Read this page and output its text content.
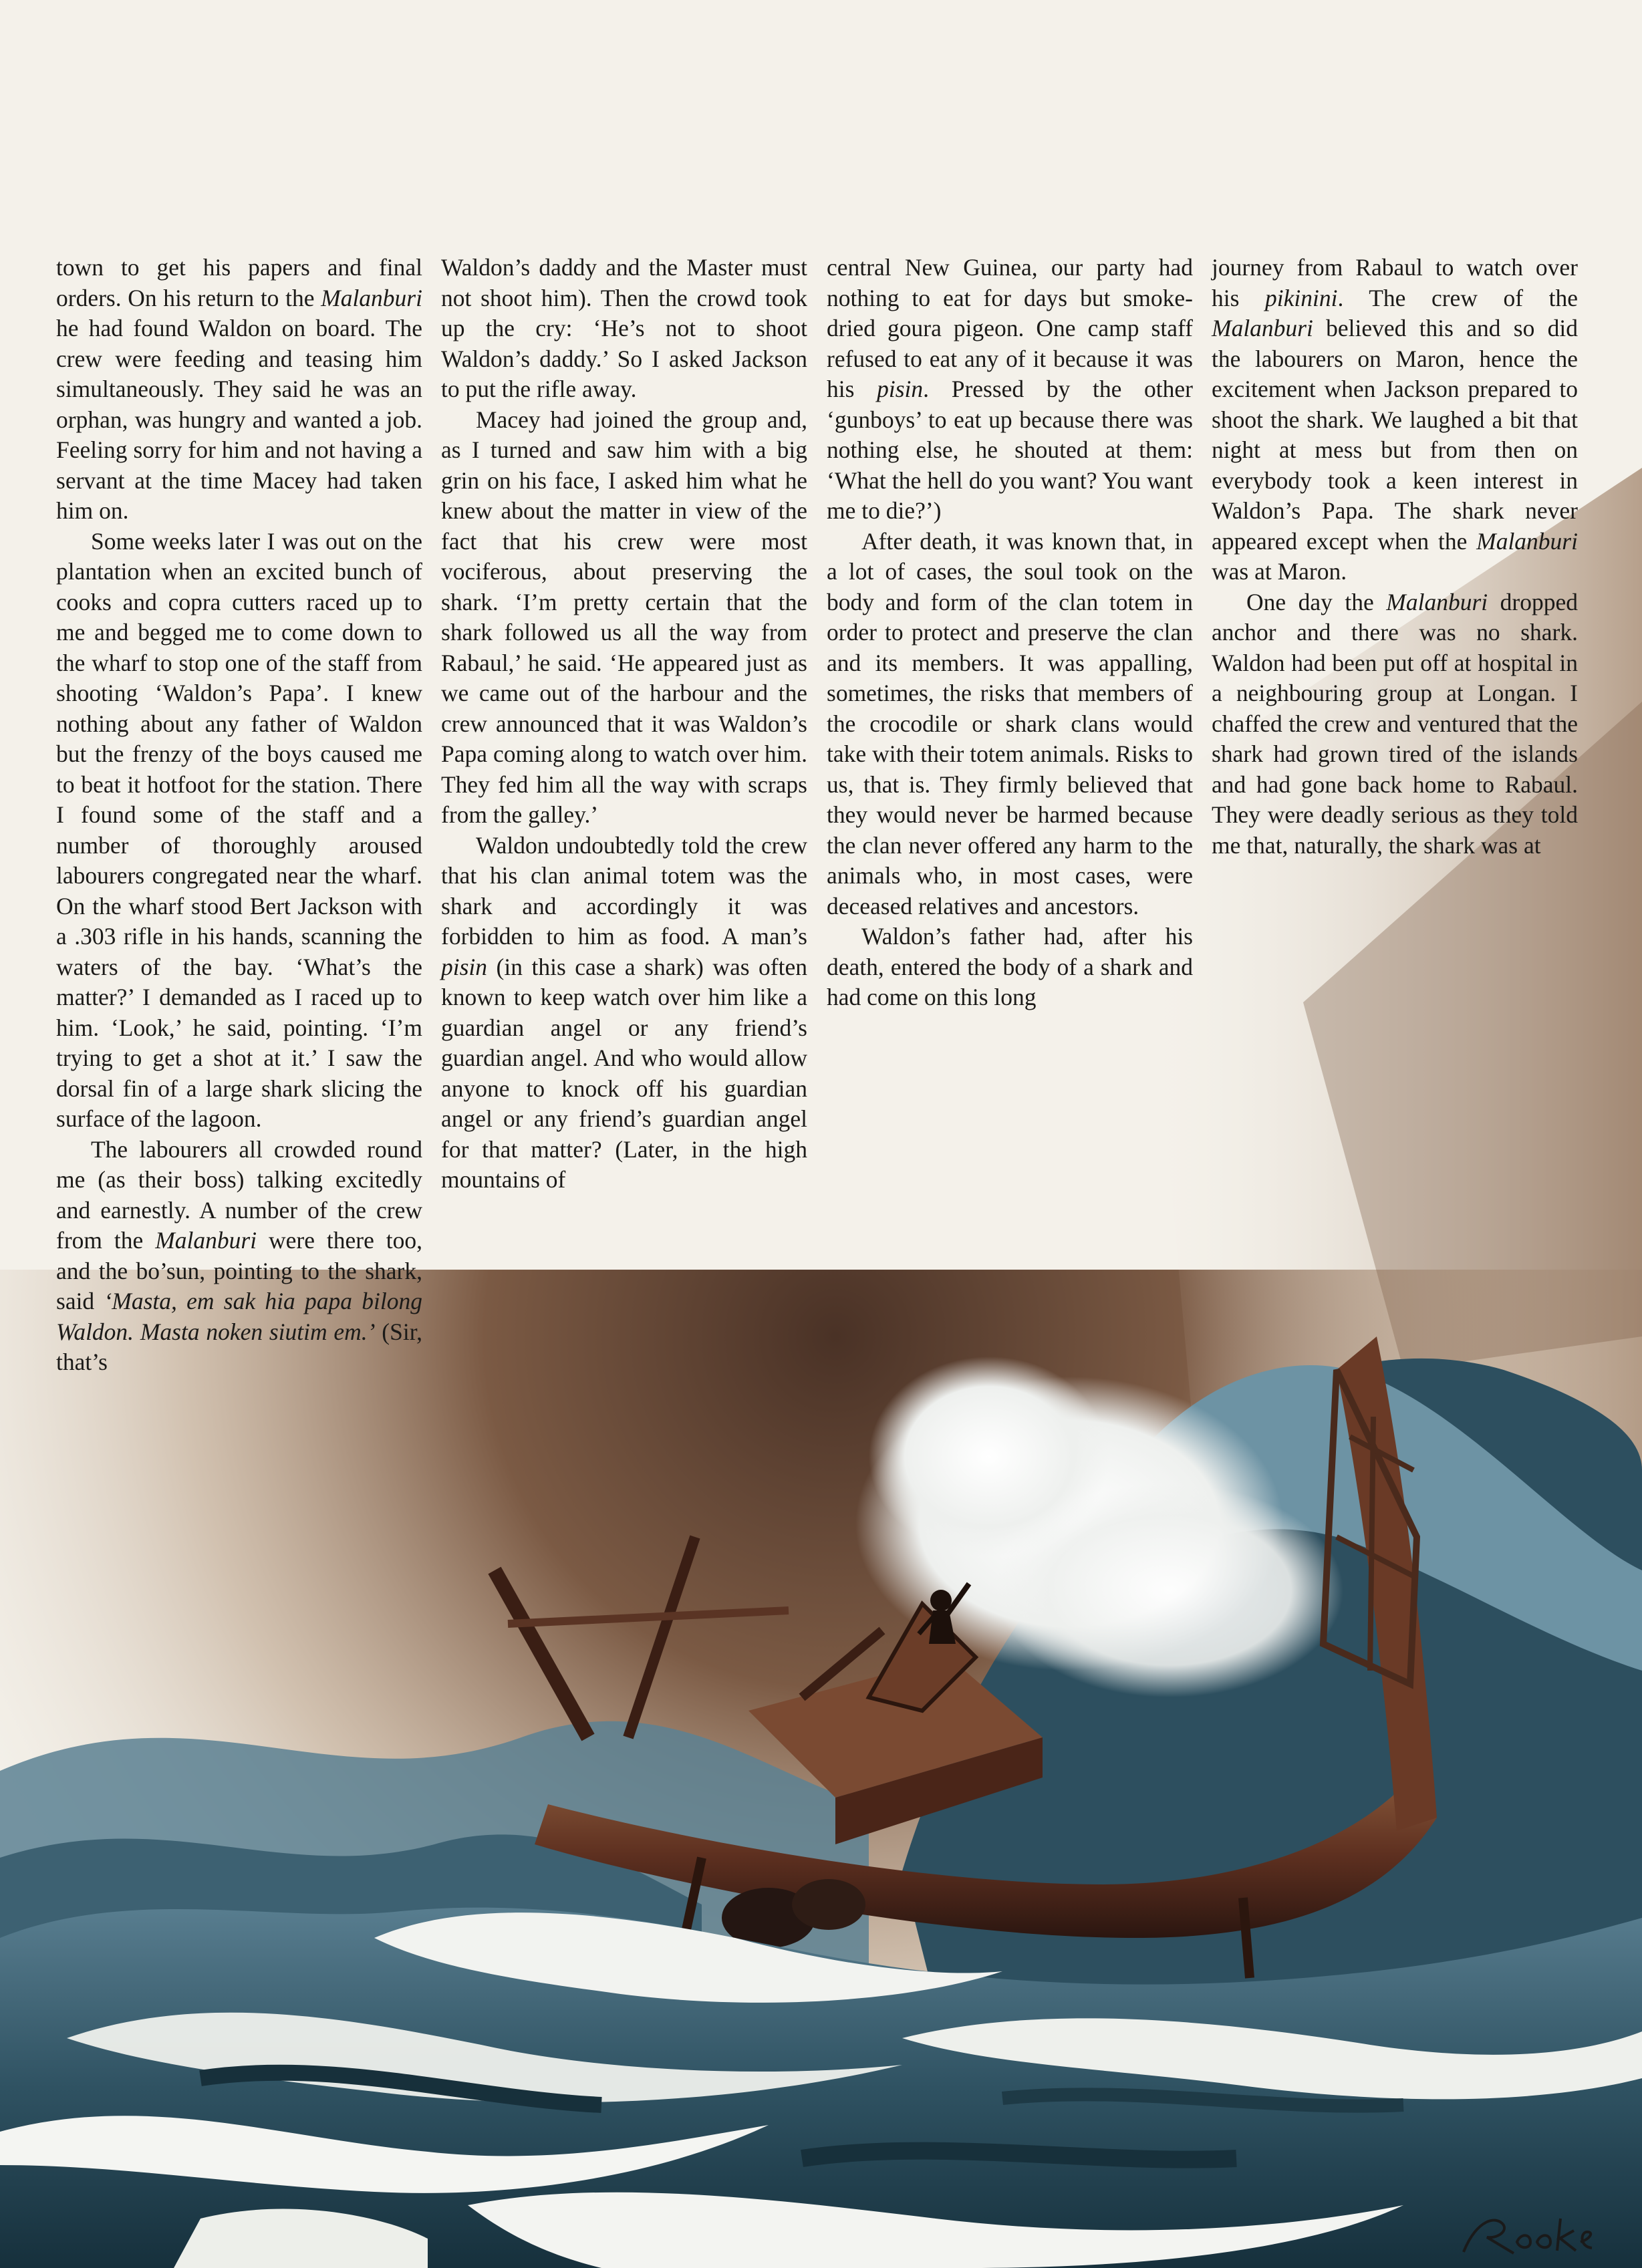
town to get his papers and final orders. On his return to the Malanburi he had found Waldon on board. The crew were feeding and teasing him simultaneously. They said he was an orphan, was hungry and wanted a job. Feeling sorry for him and not having a servant at the time Macey had taken him on.

Some weeks later I was out on the plantation when an excited bunch of cooks and copra cutters raced up to me and begged me to come down to the wharf to stop one of the staff from shooting ‘Waldon’s Papa’. I knew nothing about any father of Waldon but the frenzy of the boys caused me to beat it hotfoot for the station. There I found some of the staff and a number of thoroughly aroused labourers congregated near the wharf. On the wharf stood Bert Jackson with a .303 rifle in his hands, scanning the waters of the bay. ‘What’s the matter?’ I demanded as I raced up to him. ‘Look,’ he said, pointing. ‘I’m trying to get a shot at it.’ I saw the dorsal fin of a large shark slicing the surface of the lagoon.

The labourers all crowded round me (as their boss) talking excitedly and earnestly. A number of the crew from the Malanburi were there too, and the bo’sun, pointing to the shark, said ‘Masta, em sak hia papa bilong Waldon. Masta noken siutim em.’ (Sir, that’s

Waldon’s daddy and the Master must not shoot him). Then the crowd took up the cry: ‘He’s not to shoot Waldon’s daddy.’ So I asked Jackson to put the rifle away.

Macey had joined the group and, as I turned and saw him with a big grin on his face, I asked him what he knew about the matter in view of the fact that his crew were most vociferous, about preserving the shark. ‘I’m pretty certain that the shark followed us all the way from Rabaul,’ he said. ‘He appeared just as we came out of the harbour and the crew announced that it was Waldon’s Papa coming along to watch over him. They fed him all the way with scraps from the galley.’

Waldon undoubtedly told the crew that his clan animal totem was the shark and accordingly it was forbidden to him as food. A man’s pisin (in this case a shark) was often known to keep watch over him like a guardian angel or any friend’s guardian angel. And who would allow anyone to knock off his guardian angel or any friend’s guardian angel for that matter? (Later, in the high mountains of

central New Guinea, our party had nothing to eat for days but smoke-dried goura pigeon. One camp staff refused to eat any of it because it was his pisin. Pressed by the other ‘gunboys’ to eat up because there was nothing else, he shouted at them: ‘What the hell do you want? You want me to die?’)

After death, it was known that, in a lot of cases, the soul took on the body and form of the clan totem in order to protect and preserve the clan and its members. It was appalling, sometimes, the risks that members of the crocodile or shark clans would take with their totem animals. Risks to us, that is. They firmly believed that they would never be harmed because the clan never offered any harm to the animals who, in most cases, were deceased relatives and ancestors.

Waldon’s father had, after his death, entered the body of a shark and had come on this long

journey from Rabaul to watch over his pikinini. The crew of the Malanburi believed this and so did the labourers on Maron, hence the excitement when Jackson prepared to shoot the shark. We laughed a bit that night at mess but from then on everybody took a keen interest in Waldon’s Papa. The shark never appeared except when the Malanburi was at Maron.

One day the Malanburi dropped anchor and there was no shark. Waldon had been put off at hospital in a neighbouring group at Longan. I chaffed the crew and ventured that the shark had grown tired of the islands and had gone back home to Rabaul. They were deadly serious as they told me that, naturally, the shark was at
